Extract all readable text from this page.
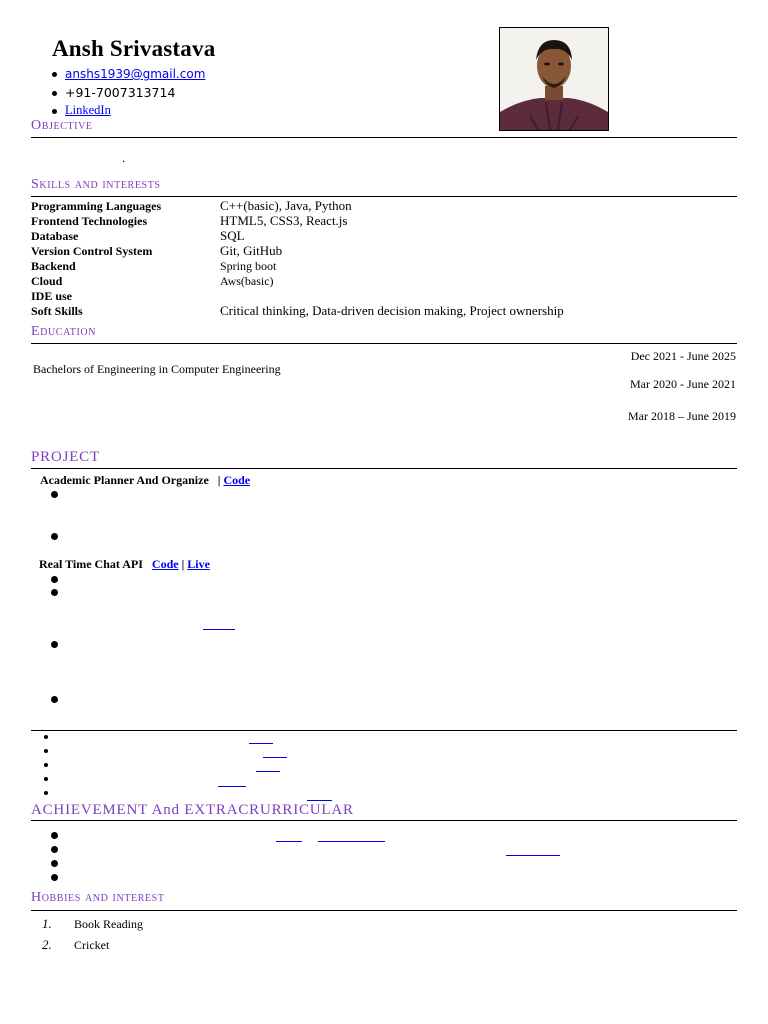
Ansh Srivastava
anshs1939@gmail.com
+91-7007313714
LinkedIn
Objective
.
Skills and interests
Programming Languages	C++(basic), Java, Python
Frontend Technologies	HTML5, CSS3, React.js
Database	SQL
Version Control System	Git, GitHub
Backend	Spring boot
Cloud	Aws(basic)
IDE use
Soft Skills	Critical thinking, Data-driven decision making, Project ownership
Education
Dec 2021 - June 2025
Bachelors of Engineering in Computer Engineering
Mar 2020 - June 2021
Mar 2018 – June 2019
PROJECT
Academic Planner And Organize | Code
Real Time Chat API Code | Live
ACHIEVEMENT And EXTRACRURRICULAR
Hobbies and interest
1. Book Reading
2. Cricket
